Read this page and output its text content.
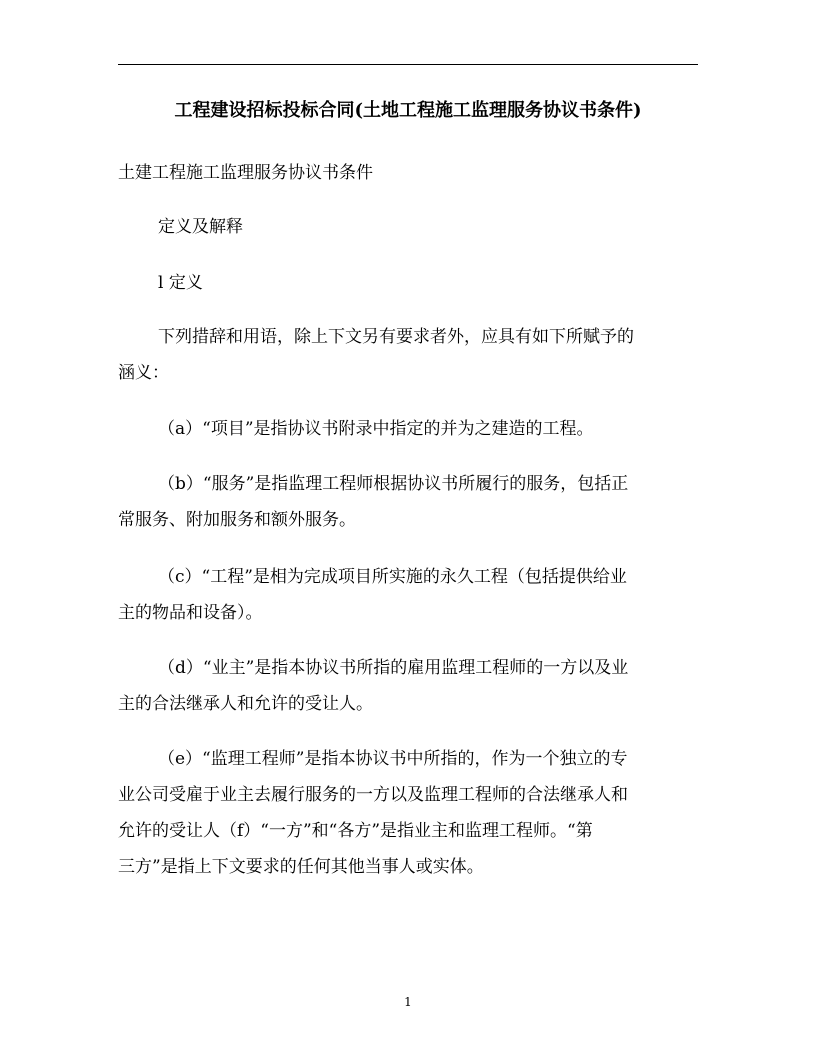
工程建设招标投标合同(土地工程施工监理服务协议书条件)
土建工程施工监理服务协议书条件
定义及解释
l 定义
下列措辞和用语，除上下文另有要求者外，应具有如下所赋予的
涵义：
（a）“项目”是指协议书附录中指定的并为之建造的工程。
（b）“服务”是指监理工程师根据协议书所履行的服务，包括正
常服务、附加服务和额外服务。
（c）“工程”是相为完成项目所实施的永久工程（包括提供给业
主的物品和设备）。
（d）“业主”是指本协议书所指的雇用监理工程师的一方以及业
主的合法继承人和允许的受让人。
（e）“监理工程师”是指本协议书中所指的，作为一个独立的专
业公司受雇于业主去履行服务的一方以及监理工程师的合法继承人和
允许的受让人（f）“一方”和“各方”是指业主和监理工程师。“第
三方”是指上下文要求的任何其他当事人或实体。
1
